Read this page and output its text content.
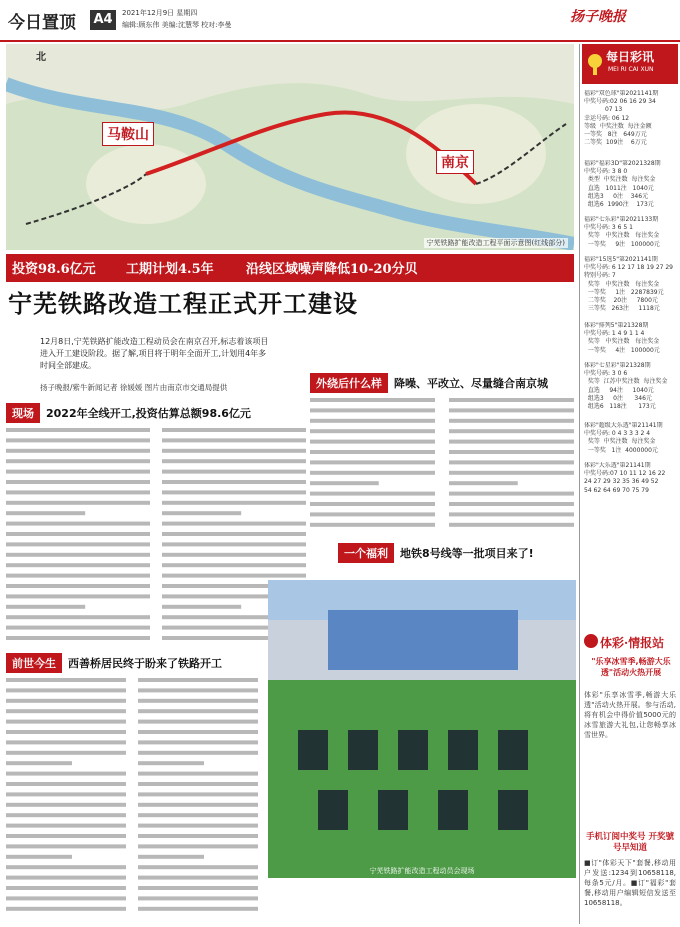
今日置顶 A4	2021年12月9日 星期四
编辑:顾东伟 美编:沈慧琴 校对:李曼	扬子晚报
北
马鞍山
南京
宁芜铁路扩能改造工程平面示意图(红线部分)
投资98.6亿元 工期计划4.5年 沿线区域噪声降低10-20分贝
宁芜铁路改造工程正式开工建设
12月8日,宁芜铁路扩能改造工程动员会在南京召开,标志着该项目进入开工建设阶段。据了解,项目将于明年全面开工,计划用4年多时间全部建成。
扬子晚报/紫牛新闻记者 徐媛媛 图片由南京市交通局提供
现场	2022年全线开工,投资估算总额98.6亿元
外绕后什么样	降噪、平改立、尽量缝合南京城
一个福利	地铁8号线等一批项目来了!
前世今生	西善桥居民终于盼来了铁路开工
宁芜铁路扩能改造工程动员会现场
每日彩讯
MEI RI CAI XUN
福彩"双色球"第2021141期
中奖号码:02 06 16 29 34
07 13
幸运号码: 06 12
等级  中奖注数  每注金额
一等奖   8注   649万元
二等奖  109注    6万元
福彩"福彩3D"第2021328期
中奖号码: 3 8 0
类型  中奖注数  每注奖金
直选   1011注   1040元
组选3     0注    346元
组选6  1990注    173元
福彩"七乐彩"第2021133期
中奖号码: 3 6 5 1
奖等   中奖注数   每注奖金
一等奖     9注   100000元
福彩"15选5"第2021141期
中奖号码: 6 12 17 18 19 27 29
特别号码: 7
奖等   中奖注数   每注奖金
一等奖     1注   2287839元
二等奖    20注     7800元
三等奖   263注     1118元
体彩"排列5"第21328期
中奖号码: 1 4 9 1 1 4
奖等   中奖注数   每注奖金
一等奖     4注   100000元
体彩"七星彩"第21328期
中奖号码: 3 0 6
奖等  江苏中奖注数  每注奖金
直选     94注     1040元
组选3     0注      346元
组选6   118注      173元
体彩"超级大乐透"第21141期
中奖号码: 0 4 3 3 3 2 4
奖等  中奖注数  每注奖金
一等奖   1注  4000000元
体彩"大乐透"第21141期
中奖号码:07 10 11 12 16 22
24 27 29 32 35 36 49 52
54 62 64 69 70 75 79
体彩·情报站
"乐享冰雪季,畅游大乐透"活动火热开展
体彩"乐享冰雪季,畅游大乐透"活动火热开展。参与活动,将有机会中得价值5000元的冰雪旅游大礼包,让您畅享冰雪世界。
手机订阅中奖号 开奖號号早知道
■订"体彩天下"套餐,移动用户发送:1234到10658118,每条5元/月。■订"福彩"套餐,移动用户编辑短信发送至10658118。
